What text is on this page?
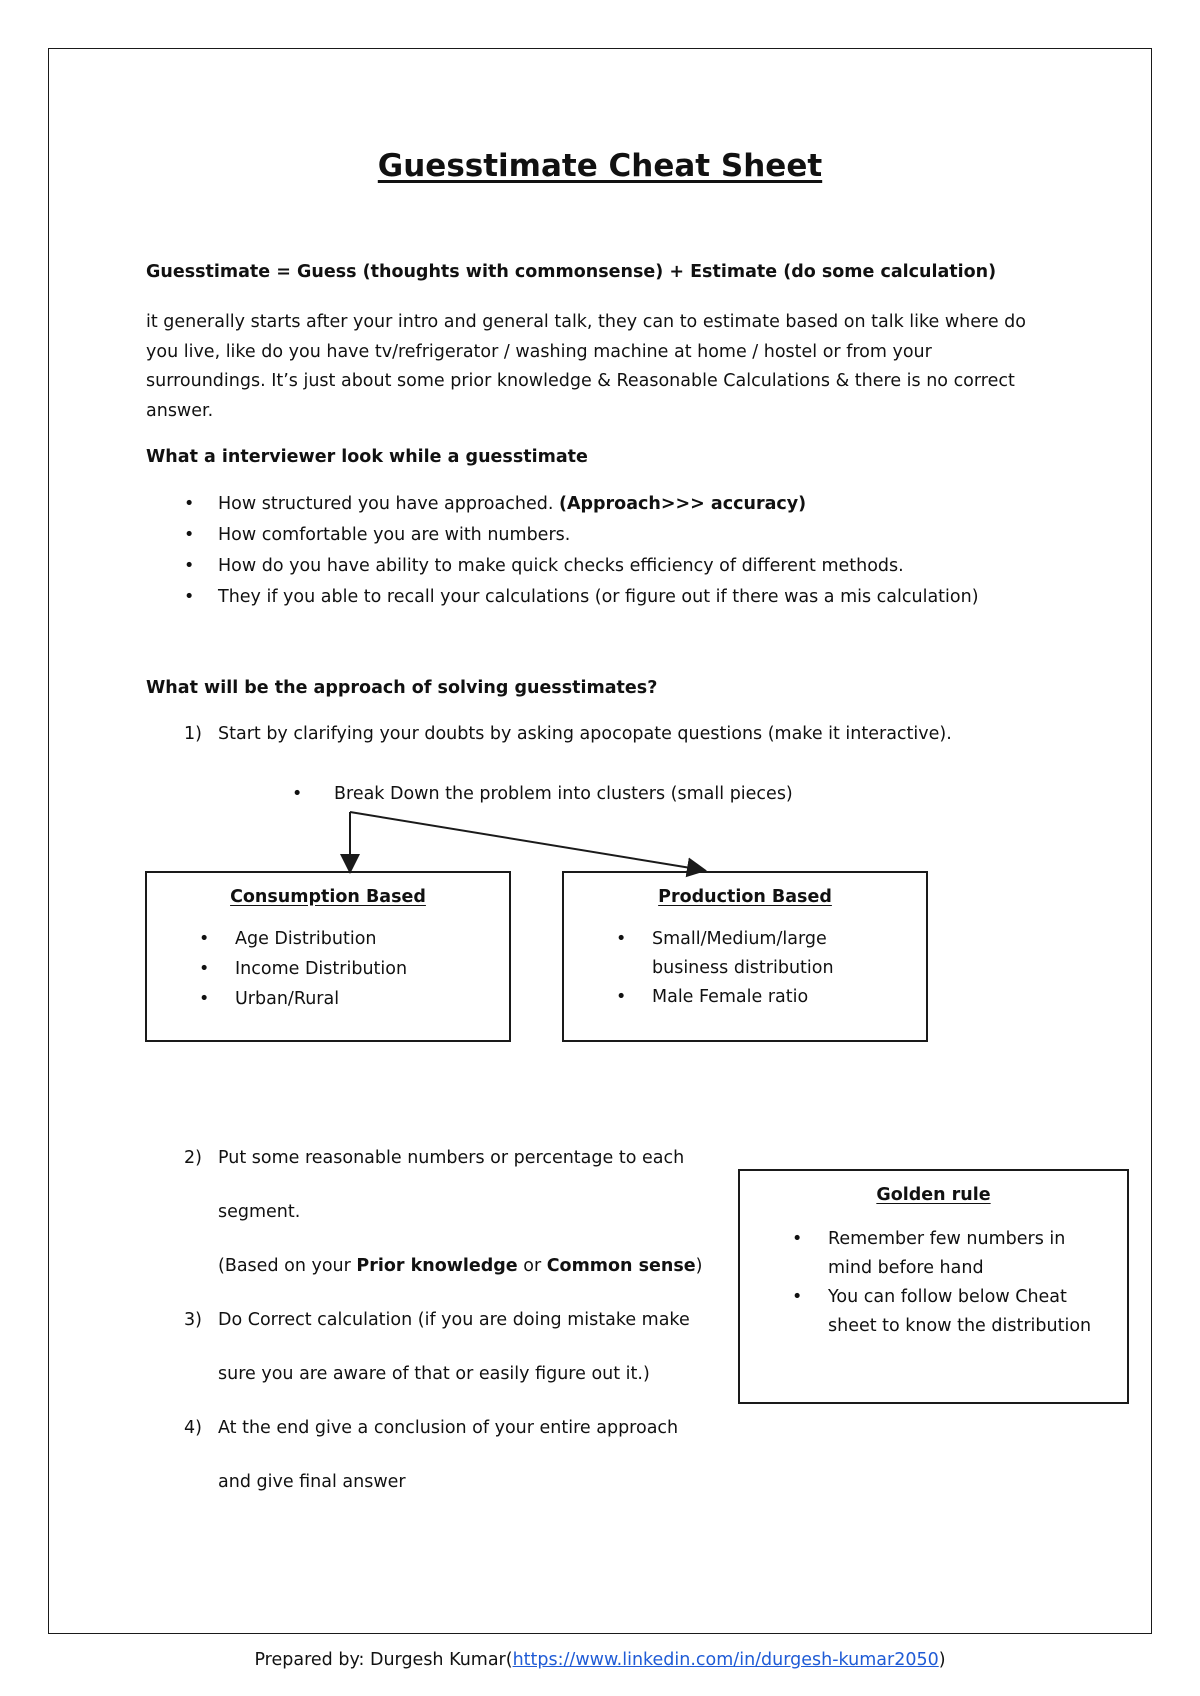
Guesstimate Cheat Sheet
Guesstimate = Guess (thoughts with commonsense) + Estimate (do some calculation)
it generally starts after your intro and general talk, they can to estimate based on talk like where do
you live, like do you have tv/refrigerator / washing machine at home / hostel or from your
surroundings. It’s just about some prior knowledge & Reasonable Calculations & there is no correct
answer.
What a interviewer look while a guesstimate
• How structured you have approached. (Approach>>> accuracy)
• How comfortable you are with numbers.
• How do you have ability to make quick checks efficiency of different methods.
• They if you able to recall your calculations (or figure out if there was a mis calculation)
What will be the approach of solving guesstimates?
1) Start by clarifying your doubts by asking apocopate questions (make it interactive).
• Break Down the problem into clusters (small pieces)
Consumption Based
• Age Distribution
• Income Distribution
• Urban/Rural
Production Based
• Small/Medium/large
business distribution
• Male Female ratio
2) Put some reasonable numbers or percentage to each
segment.
(Based on your Prior knowledge or Common sense)
3) Do Correct calculation (if you are doing mistake make
sure you are aware of that or easily figure out it.)
4) At the end give a conclusion of your entire approach
and give final answer
Golden rule
• Remember few numbers in
mind before hand
• You can follow below Cheat
sheet to know the distribution
Prepared by: Durgesh Kumar(https://www.linkedin.com/in/durgesh-kumar2050)
